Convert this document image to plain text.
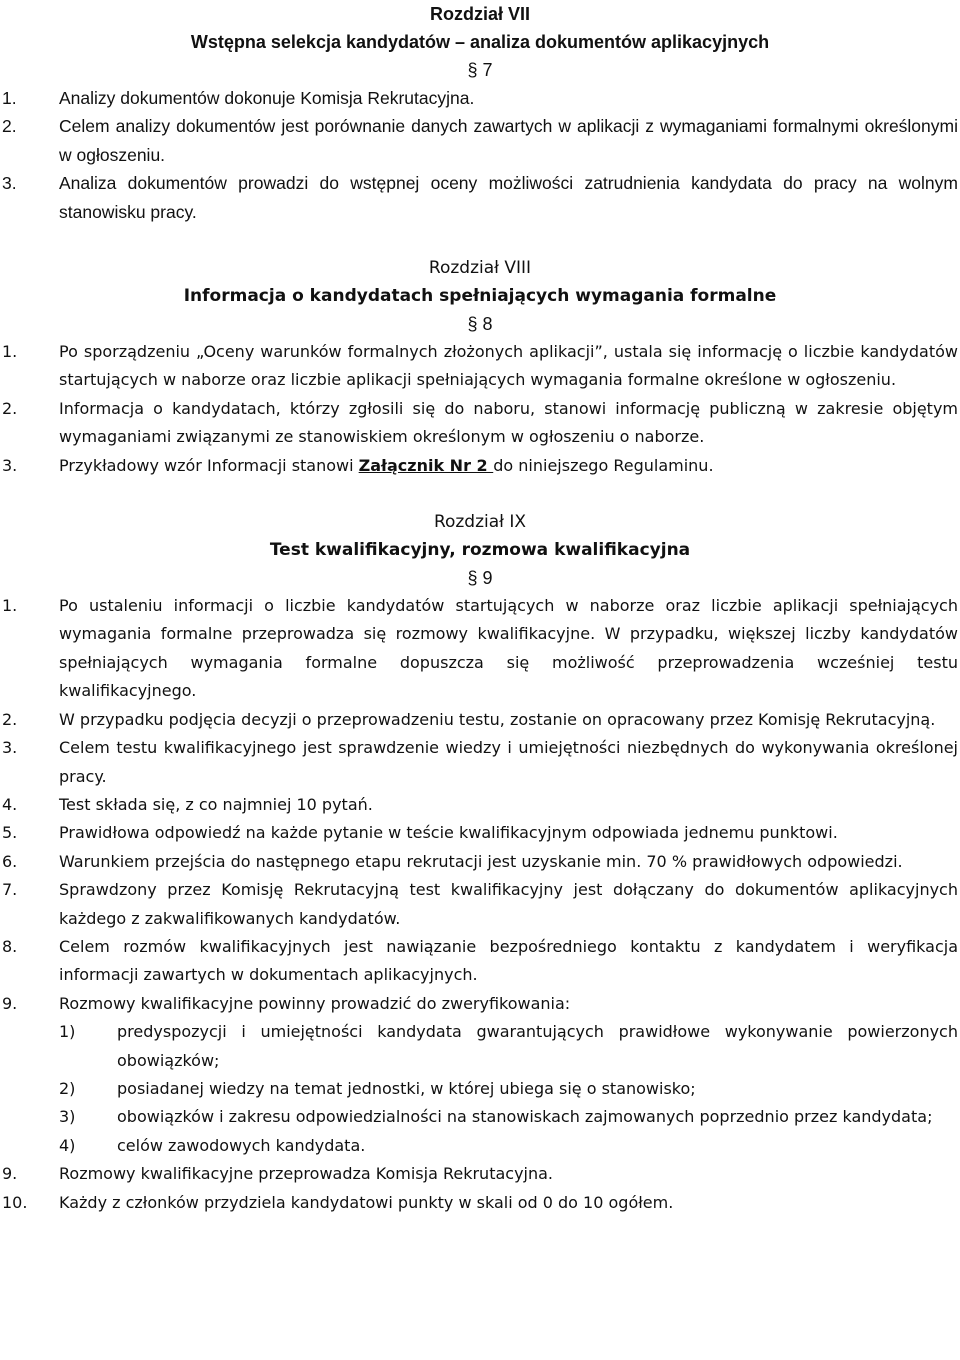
Rozdział VII
Wstępna selekcja kandydatów – analiza dokumentów aplikacyjnych
§ 7
1. Analizy dokumentów dokonuje Komisja Rekrutacyjna.
2. Celem analizy dokumentów jest porównanie danych zawartych w aplikacji z wymaganiami formalnymi określonymi w ogłoszeniu.
3. Analiza dokumentów prowadzi do wstępnej oceny możliwości zatrudnienia kandydata do pracy na wolnym stanowisku pracy.
Rozdział VIII
Informacja o kandydatach spełniających wymagania formalne
§ 8
1.	Po sporządzeniu „Oceny warunków formalnych złożonych aplikacji”, ustala się informację o liczbie kandydatów startujących w naborze oraz liczbie aplikacji spełniających wymagania formalne określone w ogłoszeniu.
2.	Informacja o kandydatach, którzy zgłosili się do naboru, stanowi informację publiczną w zakresie objętym wymaganiami związanymi ze stanowiskiem określonym w ogłoszeniu o naborze.
3.	Przykładowy wzór Informacji stanowi Załącznik Nr 2 do niniejszego Regulaminu.
Rozdział IX
Test kwalifikacyjny, rozmowa kwalifikacyjna
§ 9
1.	Po ustaleniu informacji o liczbie kandydatów startujących w naborze oraz liczbie aplikacji spełniających wymagania formalne przeprowadza się rozmowy kwalifikacyjne. W przypadku, większej liczby kandydatów spełniających wymagania formalne dopuszcza się możliwość przeprowadzenia wcześniej testu kwalifikacyjnego.
2.	W przypadku podjęcia decyzji o przeprowadzeniu testu, zostanie on opracowany przez Komisję Rekrutacyjną.
3.	Celem testu kwalifikacyjnego jest sprawdzenie wiedzy i umiejętności niezbędnych do wykonywania określonej pracy.
4.	Test składa się, z co najmniej 10 pytań.
5.	Prawidłowa odpowiedź na każde pytanie w teście kwalifikacyjnym odpowiada jednemu punktowi.
6.	Warunkiem przejścia do następnego etapu rekrutacji jest uzyskanie min. 70 % prawidłowych odpowiedzi.
7.	Sprawdzony przez Komisję Rekrutacyjną test kwalifikacyjny jest dołączany do dokumentów aplikacyjnych każdego z zakwalifikowanych kandydatów.
8.	Celem rozmów kwalifikacyjnych jest nawiązanie bezpośredniego kontaktu z kandydatem i weryfikacja informacji zawartych w dokumentach aplikacyjnych.
9.	Rozmowy kwalifikacyjne powinny prowadzić do zweryfikowania:
1)	predyspozycji i umiejętności kandydata gwarantujących prawidłowe wykonywanie powierzonych obowiązków;
2)	posiadanej wiedzy na temat jednostki, w której ubiega się o stanowisko;
3)	obowiązków i zakresu odpowiedzialności na stanowiskach zajmowanych poprzednio przez kandydata;
4)	celów zawodowych kandydata.
9.	Rozmowy kwalifikacyjne przeprowadza Komisja Rekrutacyjna.
10. Każdy z członków przydziela kandydatowi punkty w skali od 0 do 10 ogółem.
